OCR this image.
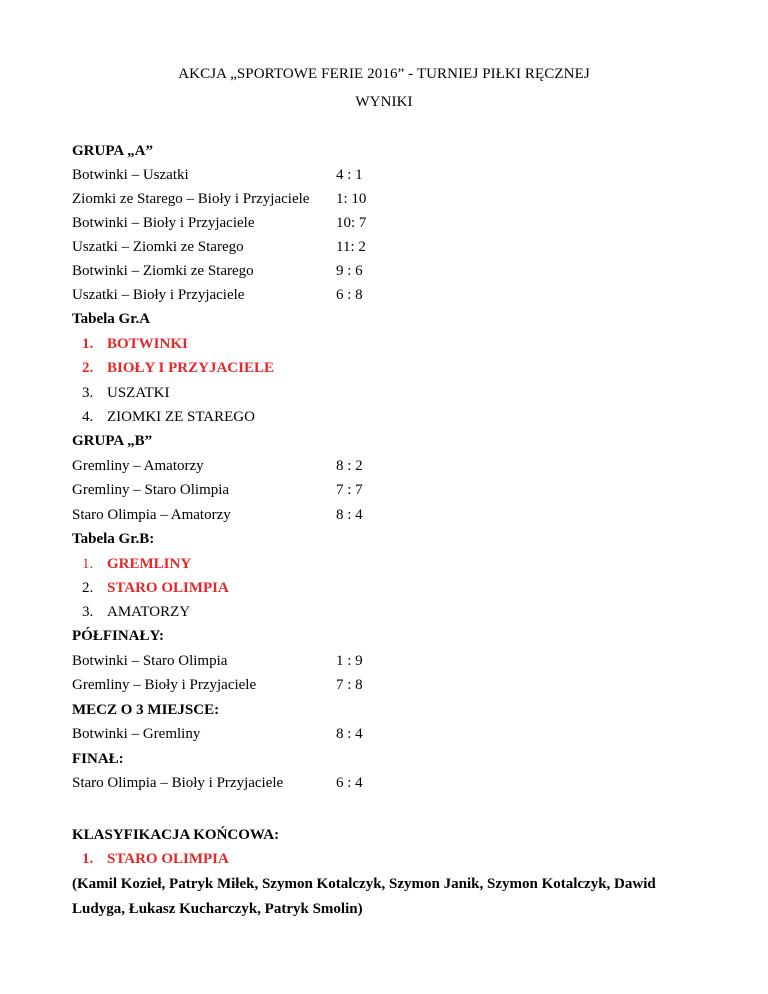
AKCJA „SPORTOWE FERIE 2016” - TURNIEJ PIŁKI RĘCZNEJ
WYNIKI
GRUPA „A”
Botwinki – Uszatki	4 : 1
Ziomki ze Starego – Bioły i Przyjaciele 1: 10
Botwinki – Bioły i Przyjaciele	10: 7
Uszatki – Ziomki ze Starego	11: 2
Botwinki – Ziomki ze Starego	9 : 6
Uszatki – Bioły i Przyjaciele	6 : 8
Tabela Gr.A
1. BOTWINKI
2. BIOŁY I PRZYJACIELE
3. USZATKI
4. ZIOMKI ZE STAREGO
GRUPA „B”
Gremliny – Amatorzy	8 : 2
Gremliny – Staro Olimpia	7 : 7
Staro Olimpia – Amatorzy	8 : 4
Tabela Gr.B:
1. GREMLINY
2. STARO OLIMPIA
3. AMATORZY
PÓŁFINAŁY:
Botwinki – Staro Olimpia	1 : 9
Gremliny – Bioły i Przyjaciele	7 : 8
MECZ O 3 MIEJSCE:
Botwinki – Gremliny	8 : 4
FINAŁ:
Staro Olimpia – Bioły i Przyjaciele	6 : 4
KLASYFIKACJA KOŃCOWA:
1. STARO OLIMPIA
(Kamil Kozieł, Patryk Miłek, Szymon Kotalczyk, Szymon Janik, Szymon Kotalczyk, Dawid
Ludyga, Łukasz Kucharczyk, Patryk Smolin)
